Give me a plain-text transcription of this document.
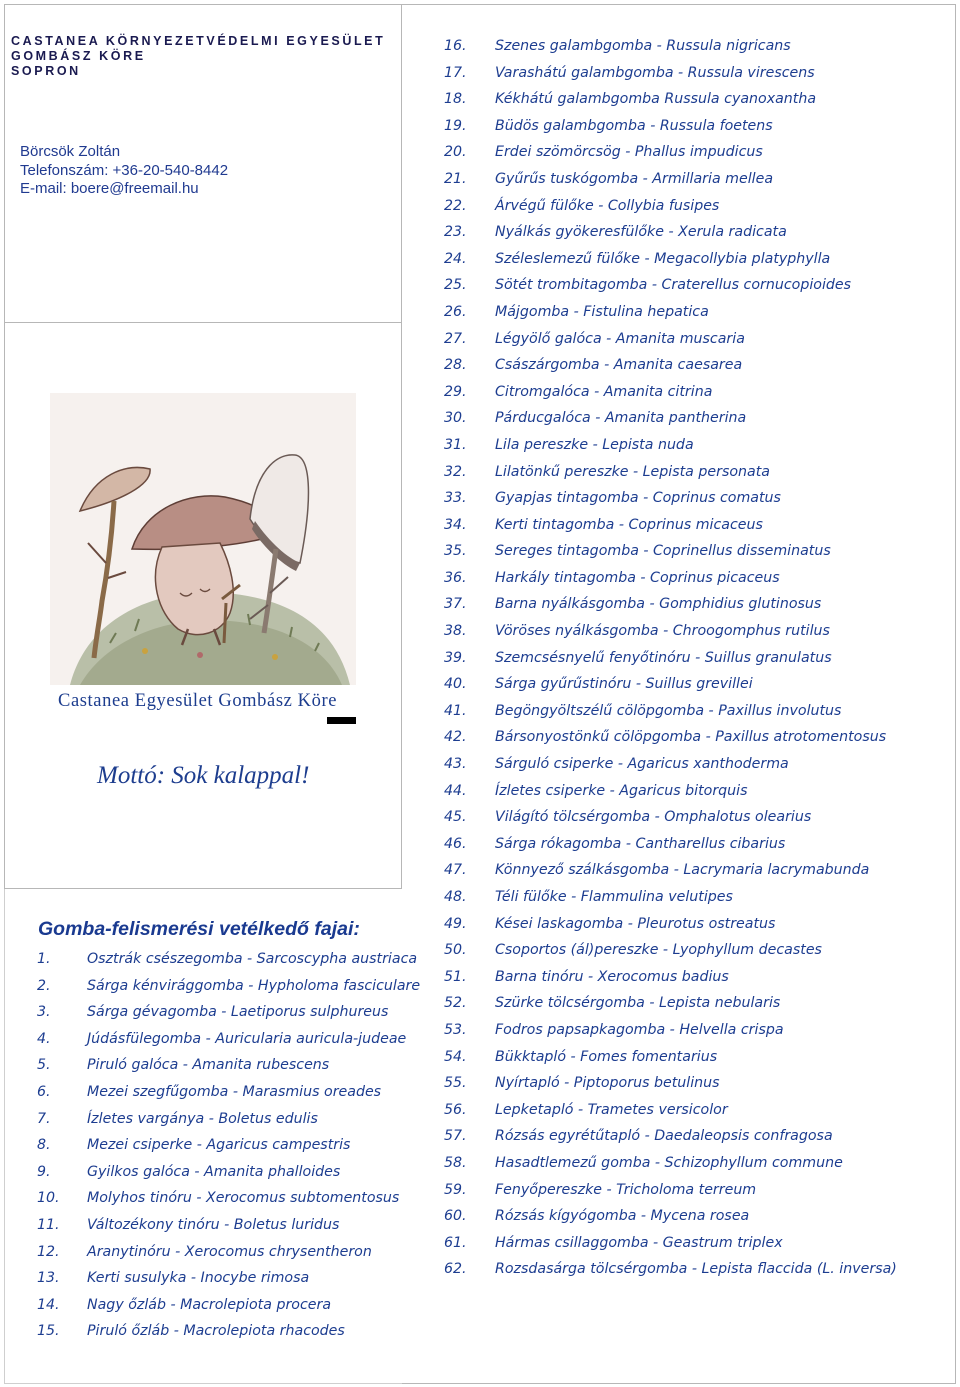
CASTANEA KÖRNYEZETVÉDELMI EGYESÜLET
GOMBÁSZ KÖRE
SOPRON
Börcsök Zoltán
Telefonszám: +36-20-540-8442
E-mail: boere@freemail.hu
Castanea Egyesület Gombász Köre
Mottó: Sok kalappal!
Gomba-felismerési vetélkedő fajai:
1.	Osztrák csészegomba - Sarcoscypha austriaca
2.	Sárga kénvirággomba - Hypholoma fasciculare
3.	Sárga gévagomba - Laetiporus sulphureus
4.	Júdásfülegomba - Auricularia auricula-judeae
5.	Piruló galóca - Amanita rubescens
6.	Mezei szegfűgomba - Marasmius oreades
7.	Ízletes vargánya - Boletus edulis
8.	Mezei csiperke - Agaricus campestris
9.	Gyilkos galóca - Amanita phalloides
10. Molyhos tinóru - Xerocomus subtomentosus
11. Változékony tinóru - Boletus luridus
12. Aranytinóru - Xerocomus chrysentheron
13. Kerti susulyka - Inocybe rimosa
14. Nagy őzláb - Macrolepiota procera
15. Piruló őzláb - Macrolepiota rhacodes
16. Szenes galambgomba - Russula nigricans
17. Varashátú galambgomba - Russula virescens
18. Kékhátú galambgomba Russula cyanoxantha
19. Büdös galambgomba - Russula foetens
20. Erdei szömörcsög - Phallus impudicus
21. Gyűrűs tuskógomba - Armillaria mellea
22. Árvégű fülőke - Collybia fusipes
23. Nyálkás gyökeresfülőke - Xerula radicata
24. Széleslemezű fülőke - Megacollybia platyphylla
25. Sötét trombitagomba - Craterellus cornucopioides
26. Májgomba - Fistulina hepatica
27. Légyölő galóca - Amanita muscaria
28. Császárgomba - Amanita caesarea
29. Citromgalóca - Amanita citrina
30. Párducgalóca - Amanita pantherina
31. Lila pereszke - Lepista nuda
32. Lilatönkű pereszke - Lepista personata
33. Gyapjas tintagomba - Coprinus comatus
34. Kerti tintagomba - Coprinus micaceus
35. Sereges tintagomba - Coprinellus disseminatus
36. Harkály tintagomba - Coprinus picaceus
37. Barna nyálkásgomba - Gomphidius glutinosus
38. Vöröses nyálkásgomba - Chroogomphus rutilus
39. Szemcsésnyelű fenyőtinóru - Suillus granulatus
40. Sárga gyűrűstinóru - Suillus grevillei
41. Begöngyöltszélű cölöpgomba - Paxillus involutus
42. Bársonyostönkű cölöpgomba - Paxillus atrotomentosus
43. Sárguló csiperke - Agaricus xanthoderma
44. Ízletes csiperke - Agaricus bitorquis
45. Világító tölcsérgomba - Omphalotus olearius
46. Sárga rókagomba - Cantharellus cibarius
47. Könnyező szálkásgomba - Lacrymaria lacrymabunda
48. Téli fülőke - Flammulina velutipes
49. Kései laskagomba - Pleurotus ostreatus
50. Csoportos (ál)pereszke - Lyophyllum decastes
51. Barna tinóru - Xerocomus badius
52. Szürke tölcsérgomba - Lepista nebularis
53. Fodros papsapkagomba - Helvella crispa
54. Bükktapló - Fomes fomentarius
55. Nyírtapló - Piptoporus betulinus
56. Lepketapló - Trametes versicolor
57. Rózsás egyrétűtapló - Daedaleopsis confragosa
58. Hasadtlemezű gomba - Schizophyllum commune
59. Fenyőpereszke - Tricholoma terreum
60. Rózsás kígyógomba - Mycena rosea
61. Hármas csillaggomba - Geastrum triplex
62. Rozsdasárga tölcsérgomba - Lepista flaccida (L. inversa)
